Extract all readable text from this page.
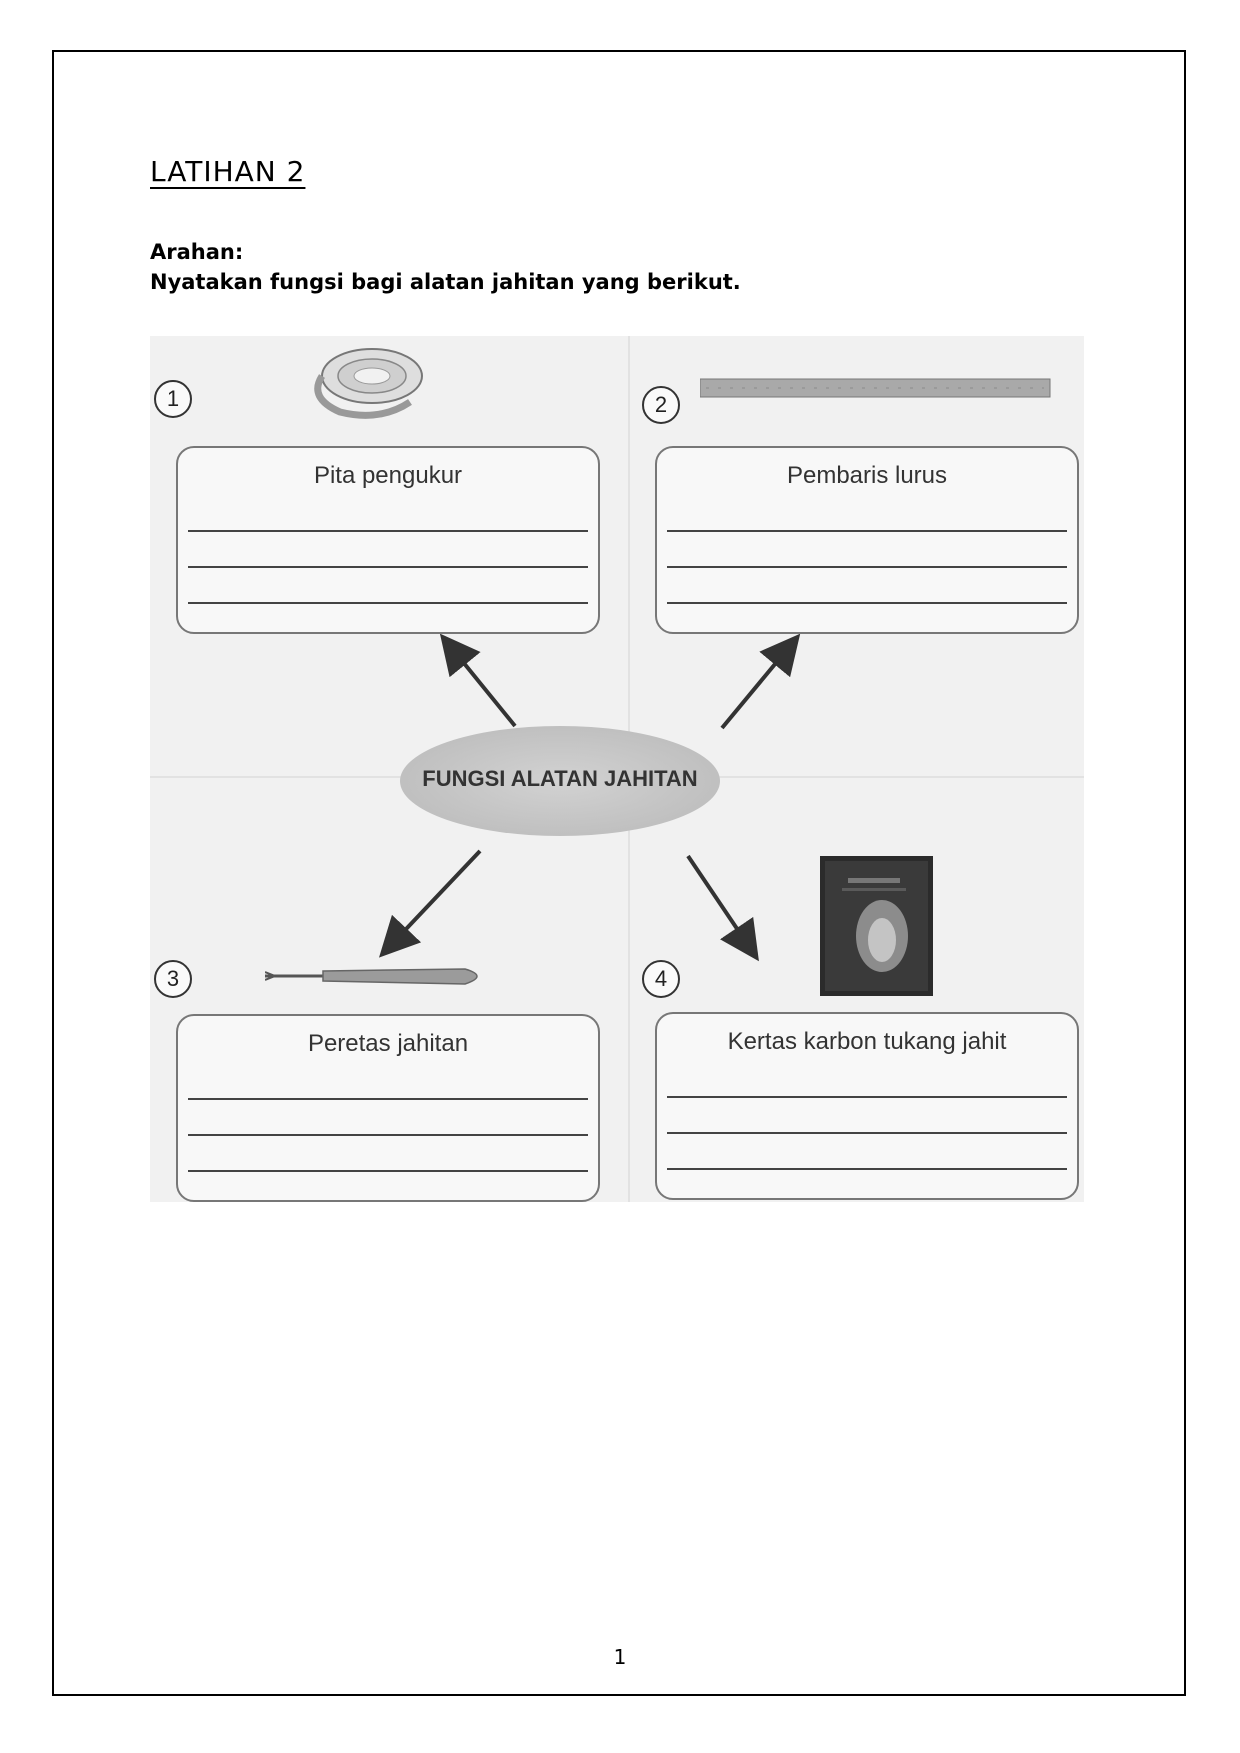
LATIHAN 2
Arahan:
Nyatakan fungsi bagi alatan jahitan yang berikut.
1	2
3	4
Pita pengukur	Pembaris lurus
Peretas jahitan	Kertas karbon tukang jahit
FUNGSI ALATAN JAHITAN
1
